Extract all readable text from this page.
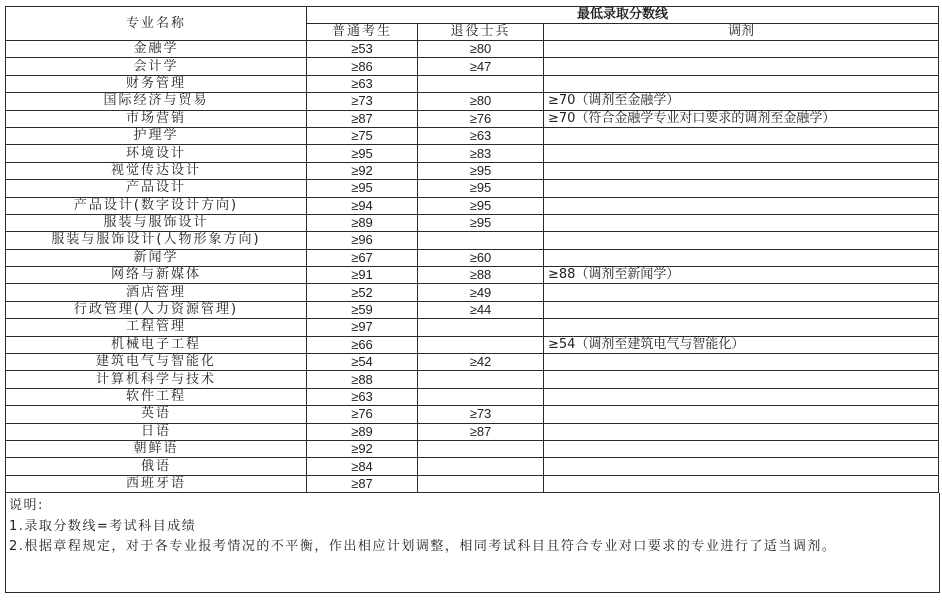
专业名称	最低录取分数线		
	普通考生	退役士兵	调剂
金融学	≥53	≥80	
会计学	≥86	≥47	
财务管理	≥63		
国际经济与贸易	≥73	≥80	≥70（调剂至金融学）
市场营销	≥87	≥76	≥70（符合金融学专业对口要求的调剂至金融学）
护理学	≥75	≥63	
环境设计	≥95	≥83	
视觉传达设计	≥92	≥95	
产品设计	≥95	≥95	
产品设计(数字设计方向)	≥94	≥95	
服装与服饰设计	≥89	≥95	
服装与服饰设计(人物形象方向)	≥96		
新闻学	≥67	≥60	
网络与新媒体	≥91	≥88	≥88（调剂至新闻学）
酒店管理	≥52	≥49	
行政管理(人力资源管理)	≥59	≥44	
工程管理	≥97		
机械电子工程	≥66		≥54（调剂至建筑电气与智能化）
建筑电气与智能化	≥54	≥42	
计算机科学与技术	≥88		
软件工程	≥63		
英语	≥76	≥73	
日语	≥89	≥87	
朝鲜语	≥92		
俄语	≥84		
西班牙语	≥87		
说明:
1.录取分数线=考试科目成绩
2.根据章程规定，对于各专业报考情况的不平衡，作出相应计划调整，相同考试科目且符合专业对口要求的专业进行了适当调剂。
